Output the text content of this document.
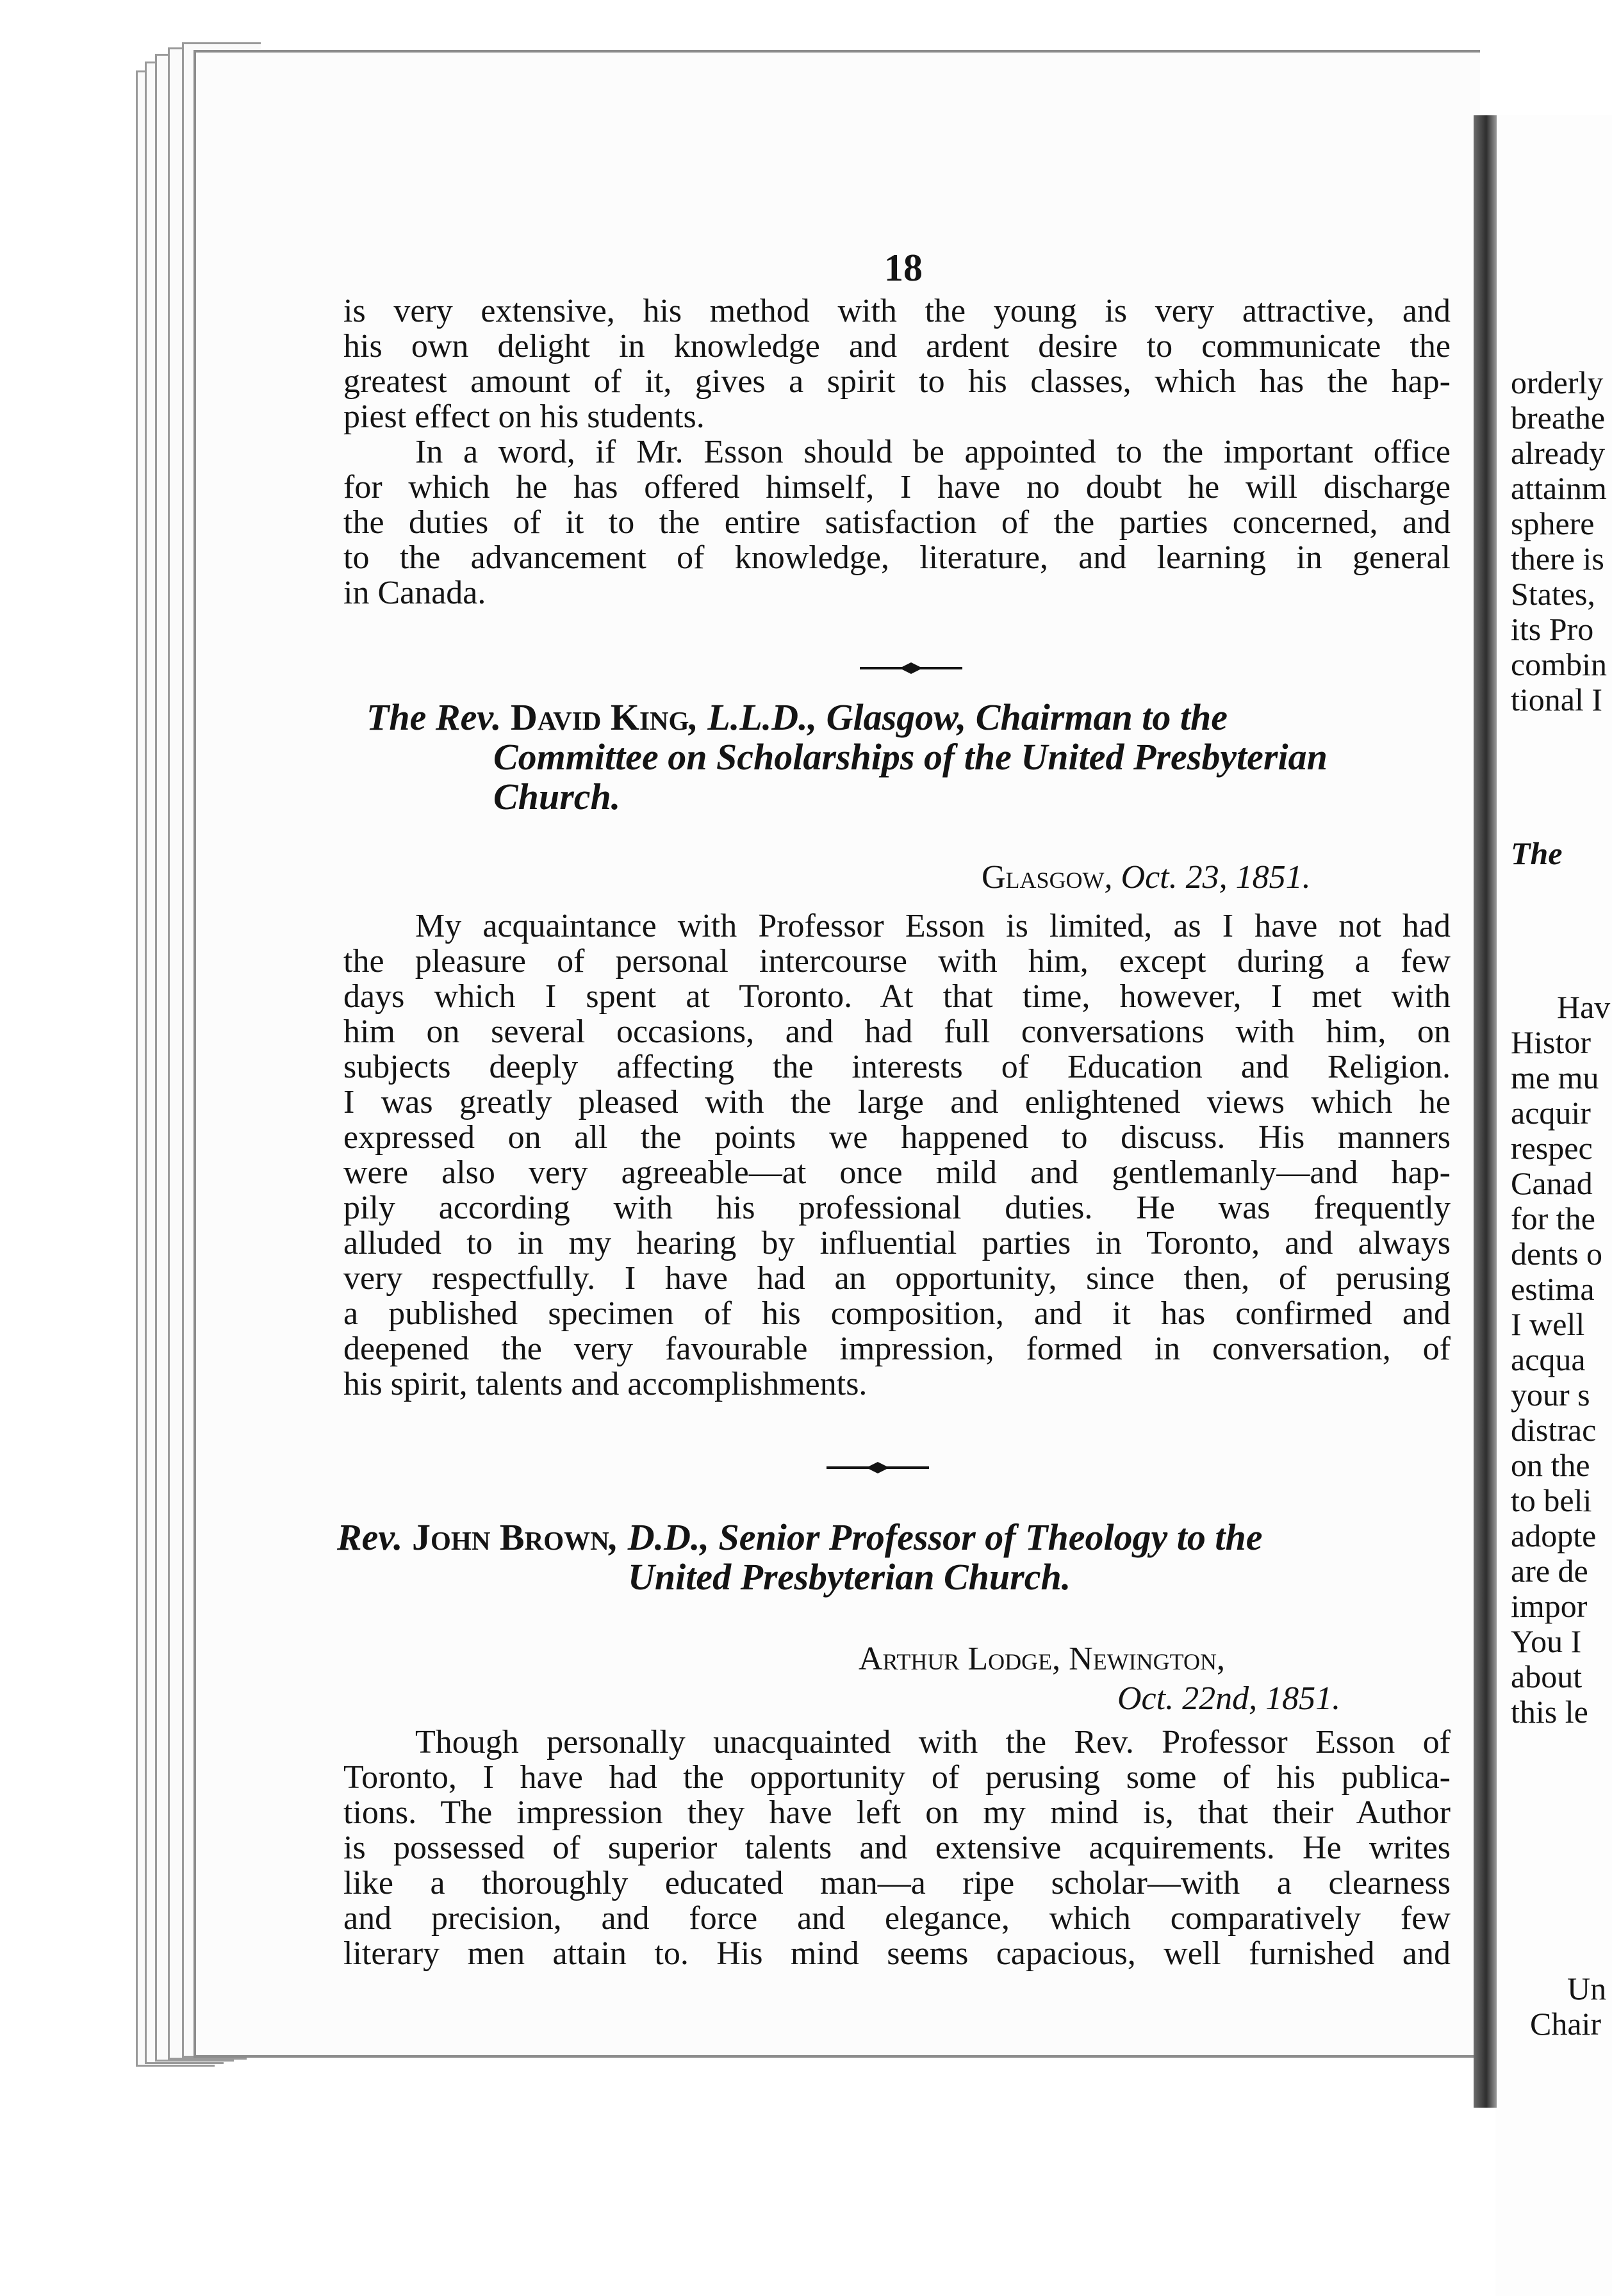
18
is very extensive, his method with the young is very attractive, and
his own delight in knowledge and ardent desire to communicate the
greatest amount of it, gives a spirit to his classes, which has the hap-
piest effect on his students.
In a word, if Mr. Esson should be appointed to the important office
for which he has offered himself, I have no doubt he will discharge
the duties of it to the entire satisfaction of the parties concerned, and
to the advancement of knowledge, literature, and learning in general
in Canada.
The Rev. David King, L.L.D., Glasgow, Chairman to the
Committee on Scholarships of the United Presbyterian
Church.
Glasgow, Oct. 23, 1851.
My acquaintance with Professor Esson is limited, as I have not had
the pleasure of personal intercourse with him, except during a few
days which I spent at Toronto. At that time, however, I met with
him on several occasions, and had full conversations with him, on
subjects deeply affecting the interests of Education and Religion.
I was greatly pleased with the large and enlightened views which he
expressed on all the points we happened to discuss. His manners
were also very agreeable—at once mild and gentlemanly—and hap-
pily according with his professional duties. He was frequently
alluded to in my hearing by influential parties in Toronto, and always
very respectfully. I have had an opportunity, since then, of perusing
a published specimen of his composition, and it has confirmed and
deepened the very favourable impression, formed in conversation, of
his spirit, talents and accomplishments.
Rev. John Brown, D.D., Senior Professor of Theology to the
United Presbyterian Church.
Arthur Lodge, Newington,
Oct. 22nd, 1851.
Though personally unacquainted with the Rev. Professor Esson of
Toronto, I have had the opportunity of perusing some of his publica-
tions. The impression they have left on my mind is, that their Author
is possessed of superior talents and extensive acquirements. He writes
like a thoroughly educated man—a ripe scholar—with a clearness
and precision, and force and elegance, which comparatively few
literary men attain to. His mind seems capacious, well furnished and
orderly
breathe
already
attainm
sphere
there is
States,
its Pro
combin
tional I
The
Hav
Histor
me mu
acquir
respec
Canad
for the
dents o
estima
I well
acqua
your s
distrac
on the
to beli
adopte
are de
impor
You I
about
this le
Un
Chair
